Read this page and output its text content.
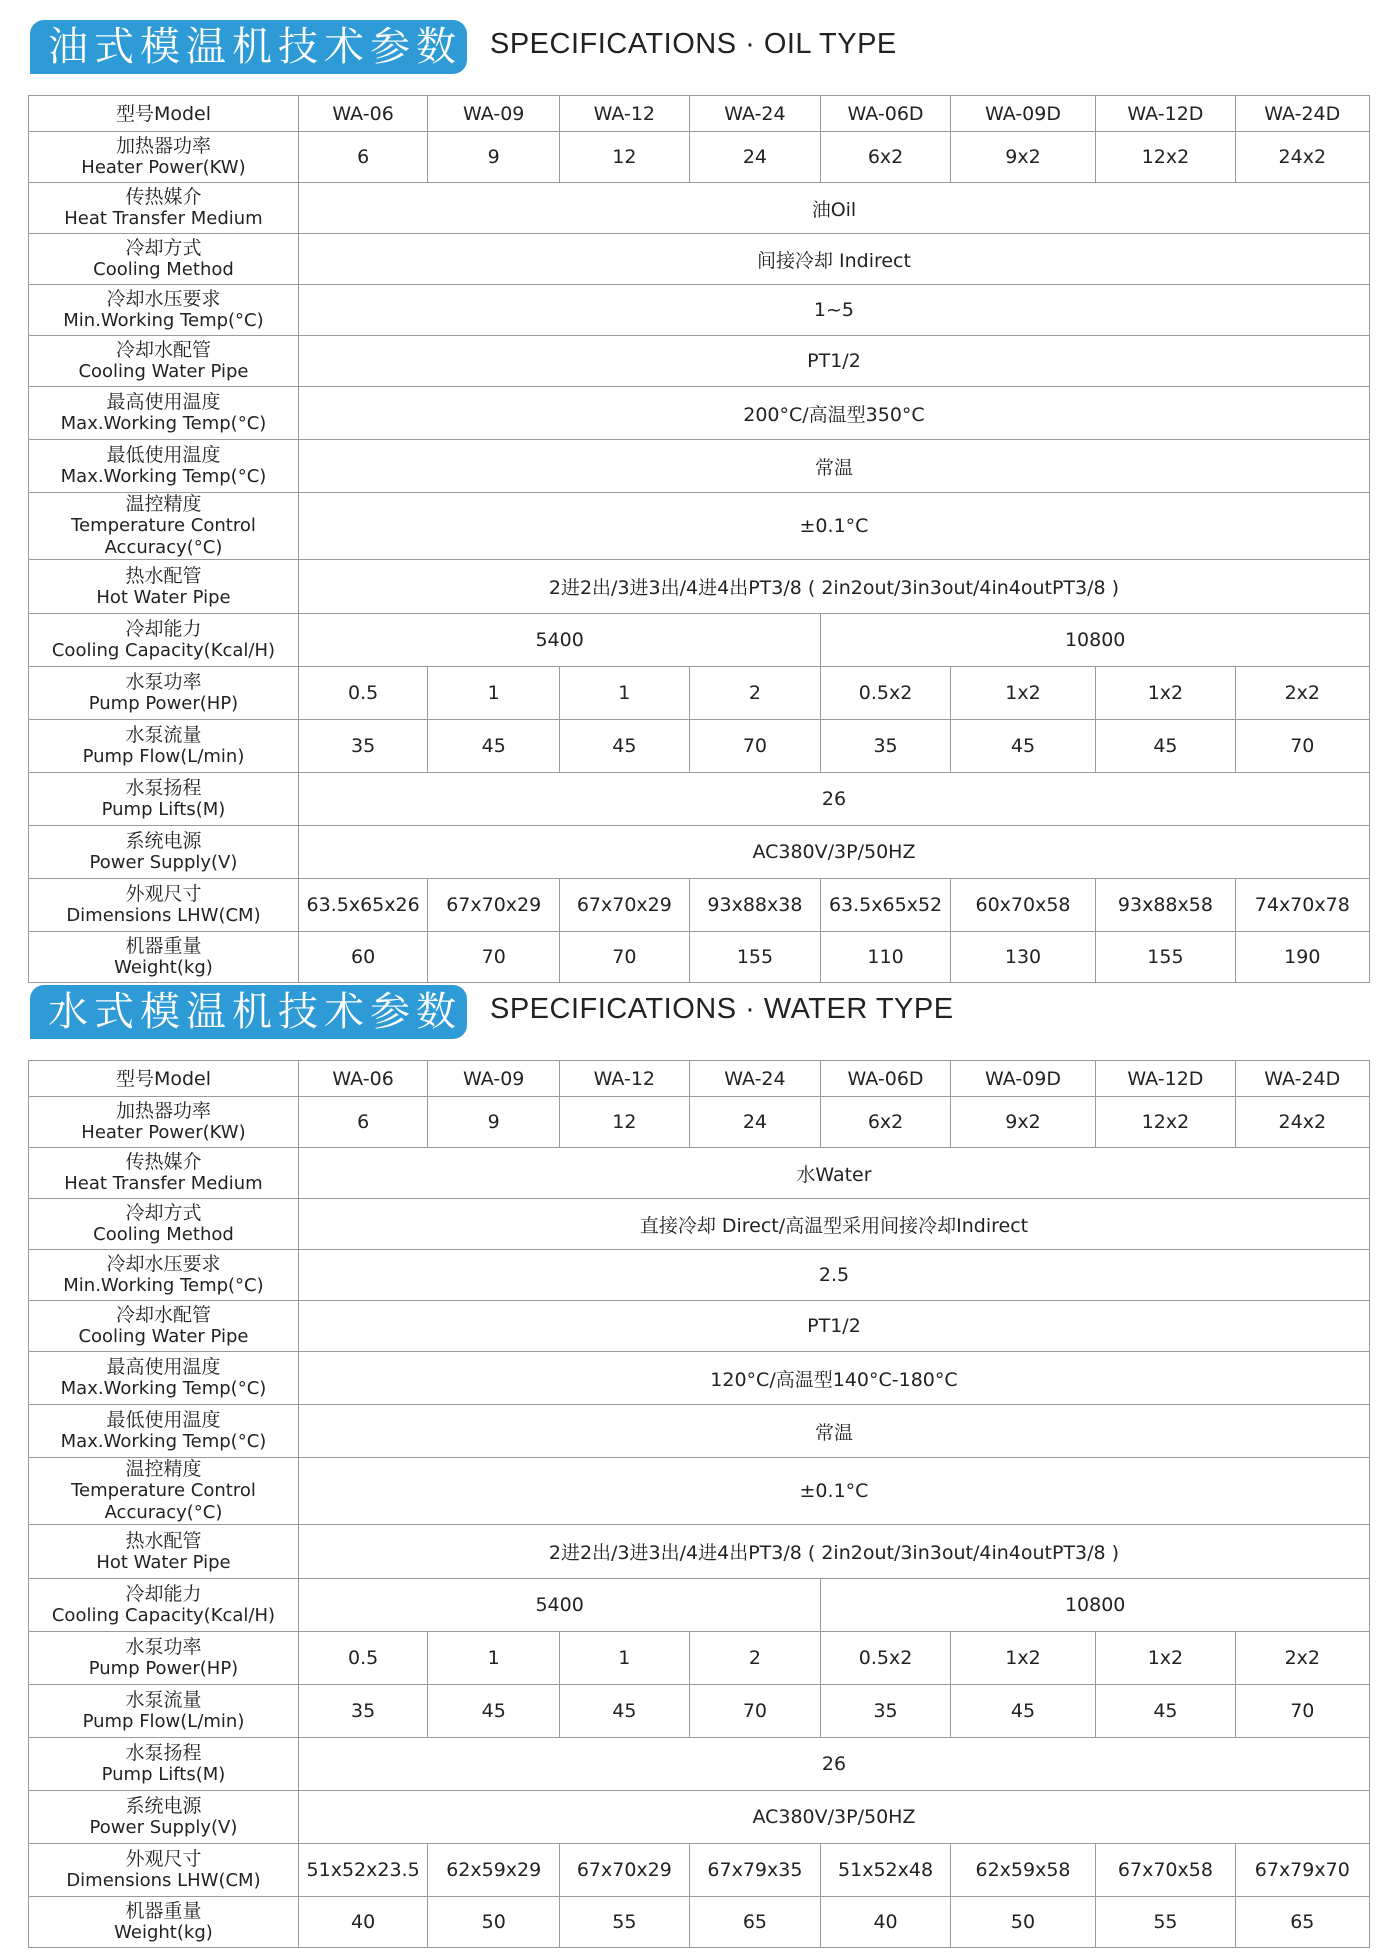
油式模温机技术参数 SPECIFICATIONS · OIL TYPE
型号Model	WA-06	WA-09	WA-12	WA-24	WA-06D	WA-09D	WA-12D	WA-24D

加热器功率
Heater Power(KW)	6	9	12	24	6x2	9x2	12x2	24x2

传热媒介
Heat Transfer Medium	油Oil							

冷却方式
Cooling Method	间接冷却 Indirect							

冷却水压要求
Min.Working Temp(°C)	1~5							

冷却水配管
Cooling Water Pipe	PT1/2							

最高使用温度
Max.Working Temp(°C)	200°C/高温型350°C							

最低使用温度
Max.Working Temp(°C)	常温							

温控精度
Temperature Control Accuracy(°C)	±0.1°C							

热水配管
Hot Water Pipe	2进2出/3进3出/4进4出PT3/8 ( 2in2out/3in3out/4in4outPT3/8 )							

冷却能力
Cooling Capacity(Kcal/H)	5400				10800			

水泵功率
Pump Power(HP)	0.5	1	1	2	0.5x2	1x2	1x2	2x2

水泵流量
Pump Flow(L/min)	35	45	45	70	35	45	45	70

水泵扬程
Pump Lifts(M)	26							

系统电源
Power Supply(V)	AC380V/3P/50HZ							

外观尺寸
Dimensions LHW(CM)	63.5x65x26	67x70x29	67x70x29	93x88x38	63.5x65x52	60x70x58	93x88x58	74x70x78

机器重量
Weight(kg)	60	70	70	155	110	130	155	190
水式模温机技术参数 SPECIFICATIONS · WATER TYPE
型号Model	WA-06	WA-09	WA-12	WA-24	WA-06D	WA-09D	WA-12D	WA-24D

加热器功率
Heater Power(KW)	6	9	12	24	6x2	9x2	12x2	24x2

传热媒介
Heat Transfer Medium	水Water							

冷却方式
Cooling Method	直接冷却 Direct/高温型采用间接冷却Indirect							

冷却水压要求
Min.Working Temp(°C)	2.5							

冷却水配管
Cooling Water Pipe	PT1/2							

最高使用温度
Max.Working Temp(°C)	120°C/高温型140°C-180°C							

最低使用温度
Max.Working Temp(°C)	常温							

温控精度
Temperature Control Accuracy(°C)	±0.1°C							

热水配管
Hot Water Pipe	2进2出/3进3出/4进4出PT3/8 ( 2in2out/3in3out/4in4outPT3/8 )							

冷却能力
Cooling Capacity(Kcal/H)	5400				10800			

水泵功率
Pump Power(HP)	0.5	1	1	2	0.5x2	1x2	1x2	2x2

水泵流量
Pump Flow(L/min)	35	45	45	70	35	45	45	70

水泵扬程
Pump Lifts(M)	26							

系统电源
Power Supply(V)	AC380V/3P/50HZ							

外观尺寸
Dimensions LHW(CM)	51x52x23.5	62x59x29	67x70x29	67x79x35	51x52x48	62x59x58	67x70x58	67x79x70

机器重量
Weight(kg)	40	50	55	65	40	50	55	65
